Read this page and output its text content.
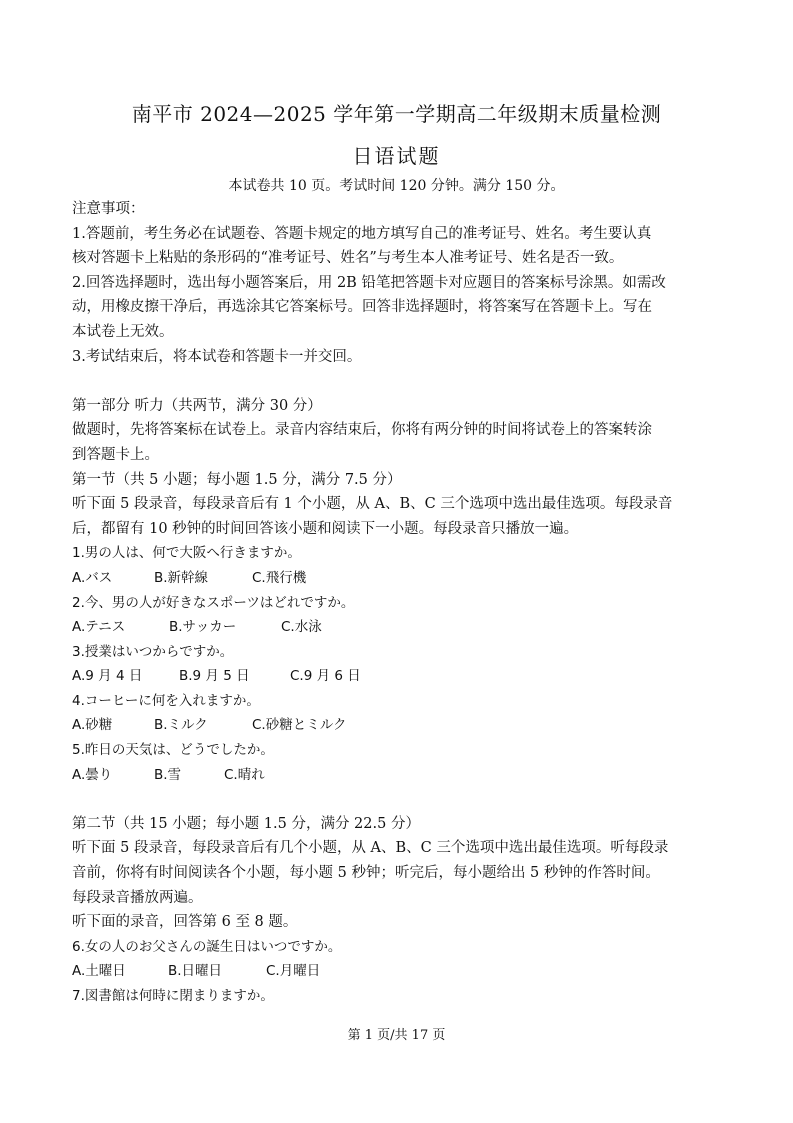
南平市 2024—2025 学年第一学期高二年级期末质量检测
日语试题
本试卷共 10 页。考试时间 120 分钟。满分 150 分。
注意事项：
1.答题前，考生务必在试题卷、答题卡规定的地方填写自己的准考证号、姓名。考生要认真
核对答题卡上粘贴的条形码的“准考证号、姓名”与考生本人准考证号、姓名是否一致。
2.回答选择题时，选出每小题答案后，用 2B 铅笔把答题卡对应题目的答案标号涂黑。如需改
动，用橡皮擦干净后，再选涂其它答案标号。回答非选择题时，将答案写在答题卡上。写在
本试卷上无效。
3.考试结束后，将本试卷和答题卡一并交回。
第一部分 听力（共两节，满分 30 分）
做题时，先将答案标在试卷上。录音内容结束后，你将有两分钟的时间将试卷上的答案转涂
到答题卡上。
第一节（共 5 小题；每小题 1.5 分，满分 7.5 分）
听下面 5 段录音，每段录音后有 1 个小题，从 A、B、C 三个选项中选出最佳选项。每段录音
后，都留有 10 秒钟的时间回答该小题和阅读下一小题。每段录音只播放一遍。
1.男の人は、何で大阪へ行きますか。
A.バス	B.新幹線	C.飛行機
2.今、男の人が好きなスポーツはどれですか。
A.テニス	B.サッカー	C.水泳
3.授業はいつからですか。
A.9 月 4 日	B.9 月 5 日	C.9 月 6 日
4.コーヒーに何を入れますか。
A.砂糖	B.ミルク	C.砂糖とミルク
5.昨日の天気は、どうでしたか。
A.曇り	B.雪	C.晴れ
第二节（共 15 小题；每小题 1.5 分，满分 22.5 分）
听下面 5 段录音，每段录音后有几个小题，从 A、B、C 三个选项中选出最佳选项。听每段录
音前，你将有时间阅读各个小题，每小题 5 秒钟；听完后，每小题给出 5 秒钟的作答时间。
每段录音播放两遍。
听下面的录音，回答第 6 至 8 题。
6.女の人のお父さんの誕生日はいつですか。
A.土曜日	B.日曜日	C.月曜日
7.図書館は何時に閉まりますか。
第 1 页/共 17 页
